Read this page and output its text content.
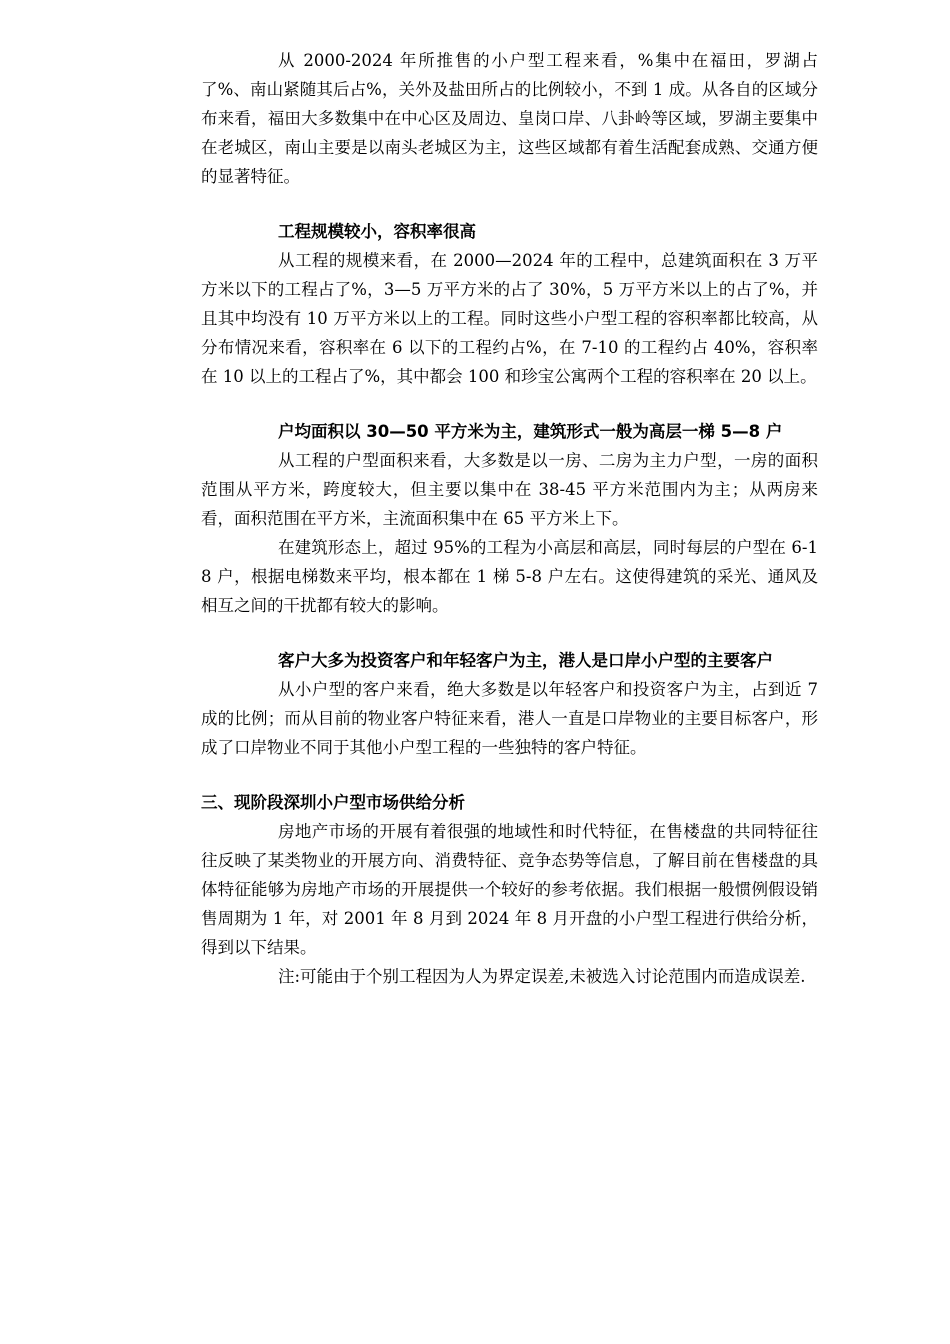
从 2000-2024 年所推售的小户型工程来看，%集中在福田，罗湖占了%、南山紧随其后占%，关外及盐田所占的比例较小，不到 1 成。从各自的区域分布来看，福田大多数集中在中心区及周边、皇岗口岸、八卦岭等区域，罗湖主要集中在老城区，南山主要是以南头老城区为主，这些区域都有着生活配套成熟、交通方便的显著特征。

工程规模较小，容积率很高

从工程的规模来看，在 2000—2024 年的工程中，总建筑面积在 3 万平方米以下的工程占了%，3—5 万平方米的占了 30%，5 万平方米以上的占了%，并且其中均没有 10 万平方米以上的工程。同时这些小户型工程的容积率都比较高，从分布情况来看，容积率在 6 以下的工程约占%，在 7-10 的工程约占 40%，容积率在 10 以上的工程占了%，其中都会 100 和珍宝公寓两个工程的容积率在 20 以上。

户均面积以 30—50 平方米为主，建筑形式一般为高层一梯 5—8 户

从工程的户型面积来看，大多数是以一房、二房为主力户型，一房的面积范围从平方米，跨度较大，但主要以集中在 38-45 平方米范围内为主；从两房来看，面积范围在平方米，主流面积集中在 65 平方米上下。

在建筑形态上，超过 95%的工程为小高层和高层，同时每层的户型在 6-18 户，根据电梯数来平均，根本都在 1 梯 5-8 户左右。这使得建筑的采光、通风及相互之间的干扰都有较大的影响。

客户大多为投资客户和年轻客户为主，港人是口岸小户型的主要客户

从小户型的客户来看，绝大多数是以年轻客户和投资客户为主，占到近 7 成的比例；而从目前的物业客户特征来看，港人一直是口岸物业的主要目标客户，形成了口岸物业不同于其他小户型工程的一些独特的客户特征。

三、现阶段深圳小户型市场供给分析

房地产市场的开展有着很强的地域性和时代特征，在售楼盘的共同特征往往反映了某类物业的开展方向、消费特征、竞争态势等信息，了解目前在售楼盘的具体特征能够为房地产市场的开展提供一个较好的参考依据。我们根据一般惯例假设销售周期为 1 年，对 2001 年 8 月到 2024 年 8 月开盘的小户型工程进行供给分析，得到以下结果。

注:可能由于个别工程因为人为界定误差,未被选入讨论范围内而造成误差.
